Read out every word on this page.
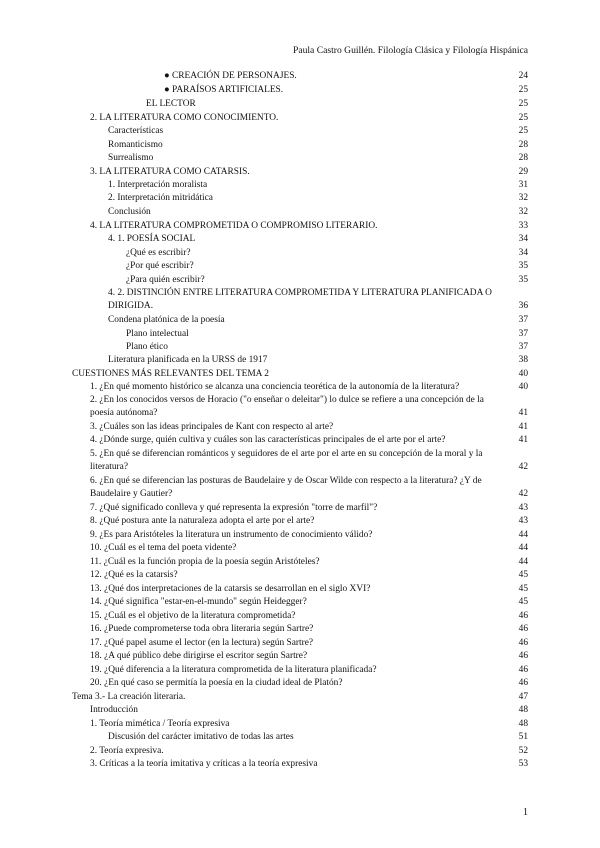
Paula Castro Guillén. Filología Clásica y Filología Hispánica
● CREACIÓN DE PERSONAJES.	24
● PARAÍSOS ARTIFICIALES.	25
EL LECTOR	25
2. LA LITERATURA COMO CONOCIMIENTO.	25
Características	25
Romanticismo	28
Surrealismo	28
3. LA LITERATURA COMO CATARSIS.	29
1. Interpretación moralista	31
2. Interpretación mitridática	32
Conclusión	32
4. LA LITERATURA COMPROMETIDA O COMPROMISO LITERARIO.	33
4. 1. POESÍA SOCIAL	34
¿Qué es escribir?	34
¿Por qué escribir?	35
¿Para quién escribir?	35
4. 2. DISTINCIÓN ENTRE LITERATURA COMPROMETIDA Y LITERATURA PLANIFICADA O
DIRIGIDA.	36
Condena platónica de la poesía	37
Plano intelectual	37
Plano ético	37
Literatura planificada en la URSS de 1917	38
CUESTIONES MÁS RELEVANTES DEL TEMA 2	40
1. ¿En qué momento histórico se alcanza una conciencia teorética de la autonomía de la literatura?	40
2. ¿En los conocidos versos de Horacio ("o enseñar o deleitar") lo dulce se refiere a una concepción de la
poesía autónoma?	41
3. ¿Cuáles son las ideas principales de Kant con respecto al arte?	41
4. ¿Dónde surge, quién cultiva y cuáles son las características principales de el arte por el arte?	41
5. ¿En qué se diferencian románticos y seguidores de el arte por el arte en su concepción de la moral y la
literatura?	42
6. ¿En qué se diferencian las posturas de Baudelaire y de Oscar Wilde con respecto a la literatura? ¿Y de
Baudelaire y Gautier?	42
7. ¿Qué significado conlleva y qué representa la expresión "torre de marfil"?	43
8. ¿Qué postura ante la naturaleza adopta el arte por el arte?	43
9. ¿Es para Aristóteles la literatura un instrumento de conocimiento válido?	44
10. ¿Cuál es el tema del poeta vidente?	44
11. ¿Cuál es la función propia de la poesía según Aristóteles?	44
12. ¿Qué es la catarsis?	45
13. ¿Qué dos interpretaciones de la catarsis se desarrollan en el siglo XVI?	45
14. ¿Qué significa "estar-en-el-mundo" según Heidegger?	45
15. ¿Cuál es el objetivo de la literatura comprometida?	46
16. ¿Puede comprometerse toda obra literaria según Sartre?	46
17. ¿Qué papel asume el lector (en la lectura) según Sartre?	46
18. ¿A qué público debe dirigirse el escritor según Sartre?	46
19. ¿Qué diferencia a la literatura comprometida de la literatura planificada?	46
20. ¿En qué caso se permitía la poesía en la ciudad ideal de Platón?	46
Tema 3.- La creación literaria.	47
Introducción	48
1. Teoría mimética / Teoría expresiva	48
Discusión del carácter imitativo de todas las artes	51
2. Teoría expresiva.	52
3. Críticas a la teoría imitativa y críticas a la teoría expresiva	53
1
